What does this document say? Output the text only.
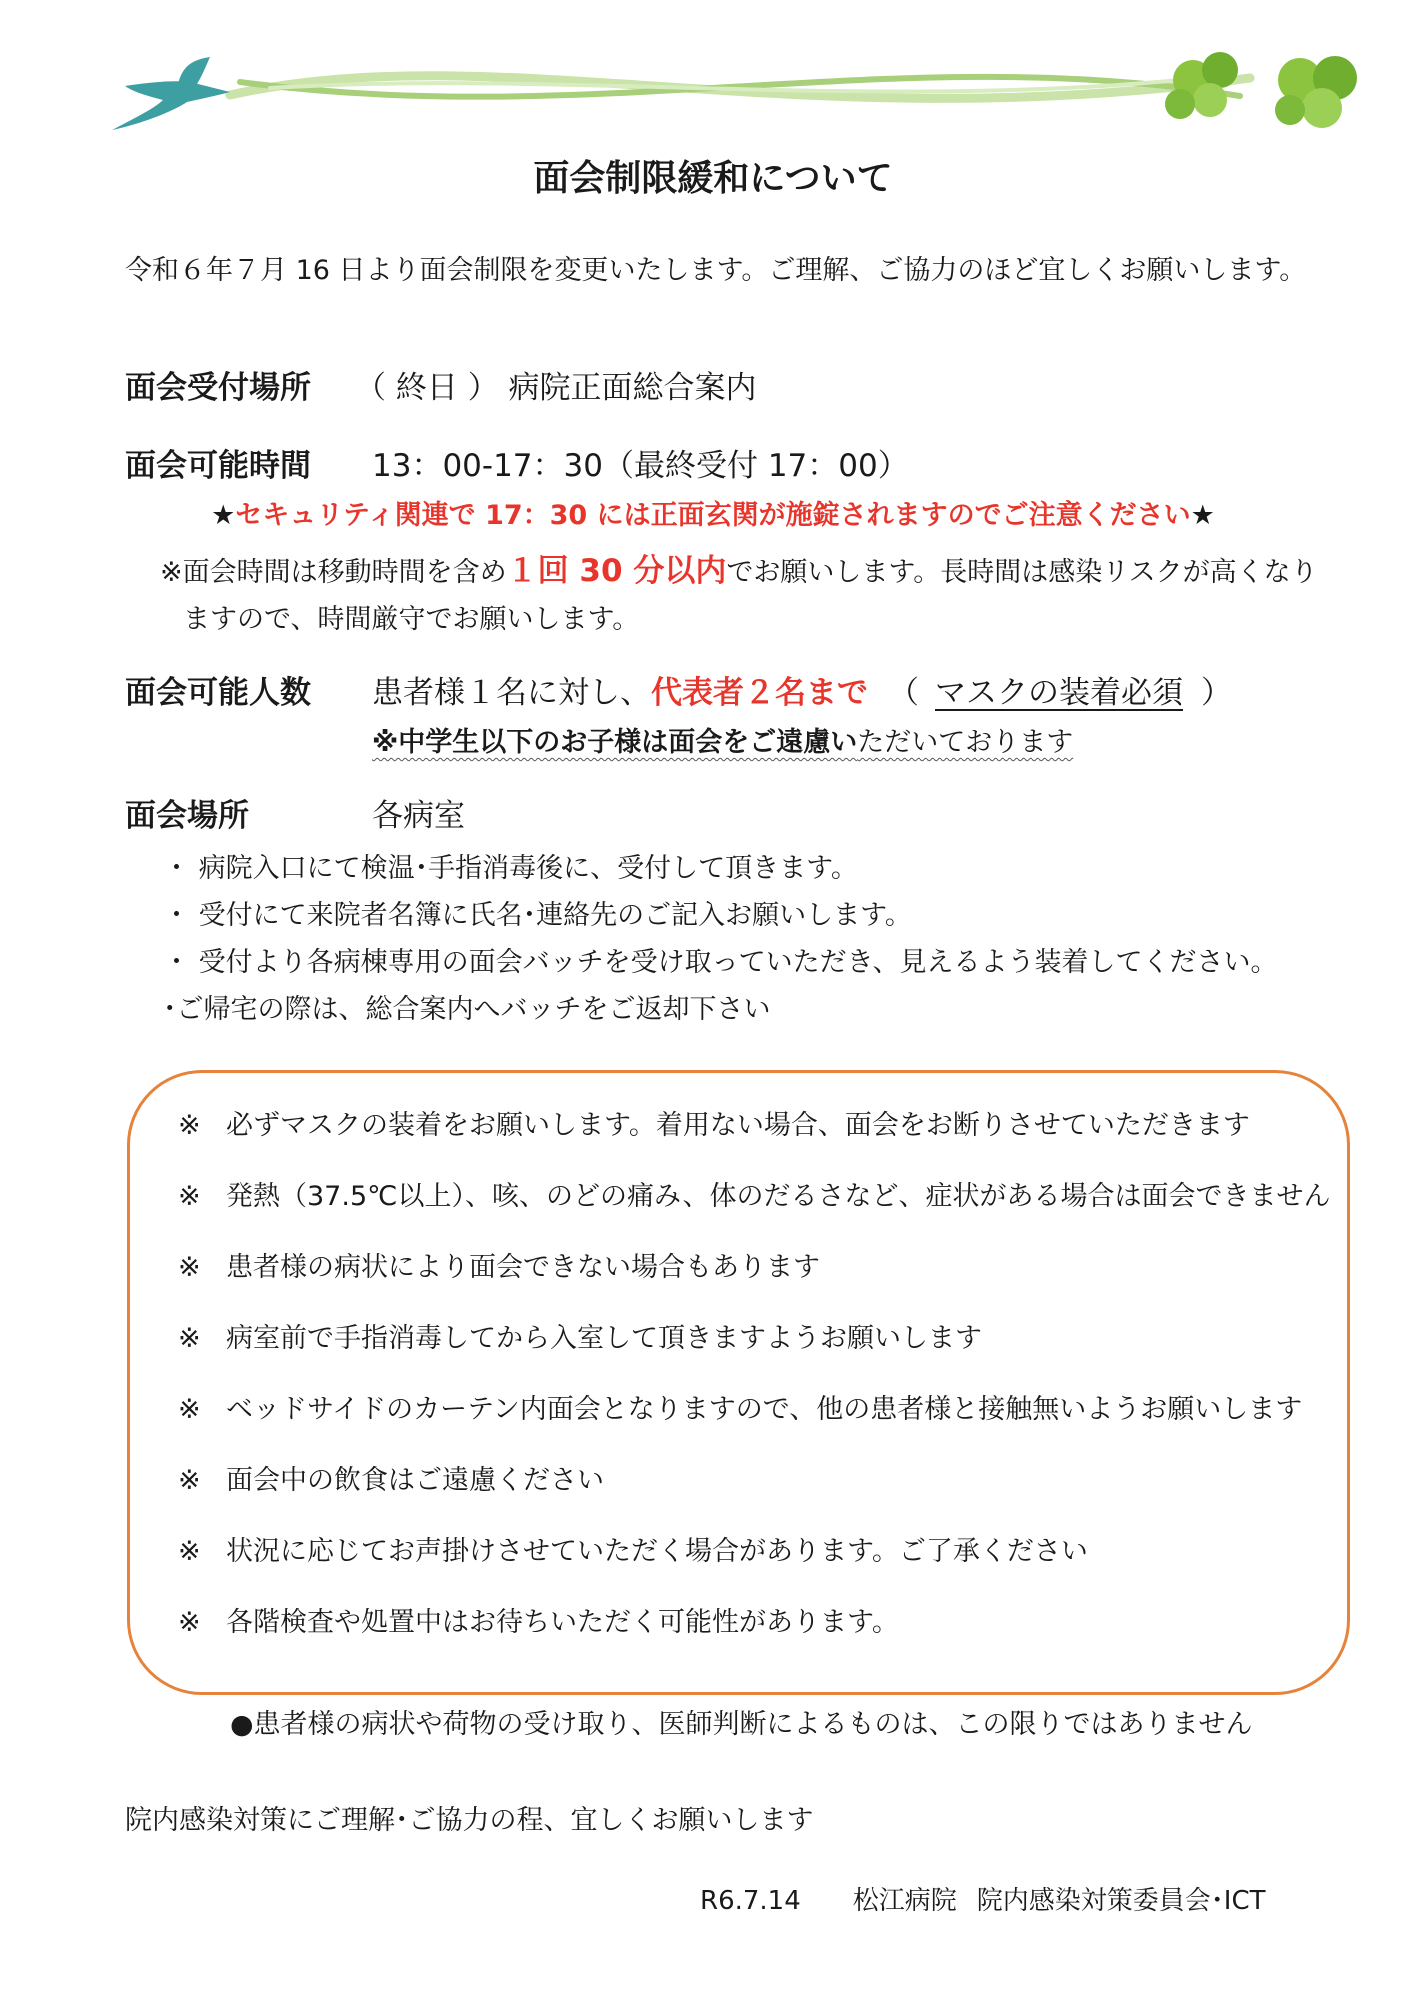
面会制限緩和について
令和６年７月 16 日より面会制限を変更いたします。ご理解、ご協力のほど宜しくお願いします。
面会受付場所 （ 終日 ） 病院正面総合案内
面会可能時間 13：00-17：30（最終受付 17：00）
★セキュリティ関連で 17：30 には正面玄関が施錠されますのでご注意ください★
※面会時間は移動時間を含め１回 30 分以内でお願いします。長時間は感染リスクが高くなり
ますので、時間厳守でお願いします。
面会可能人数 患者様１名に対し、代表者２名まで （ マスクの装着必須 ）
※中学生以下のお子様は面会をご遠慮いただいております
面会場所	各病室
・ 病院入口にて検温･手指消毒後に、受付して頂きます。
・ 受付にて来院者名簿に氏名･連絡先のご記入お願いします。
・ 受付より各病棟専用の面会バッチを受け取っていただき、見えるよう装着してください。
･ご帰宅の際は、総合案内へバッチをご返却下さい
※ 必ずマスクの装着をお願いします。着用ない場合、面会をお断りさせていただきます
※ 発熱（37.5℃以上）、咳、のどの痛み、体のだるさなど、症状がある場合は面会できません
※ 患者様の病状により面会できない場合もあります
※ 病室前で手指消毒してから入室して頂きますようお願いします
※ ベッドサイドのカーテン内面会となりますので、他の患者様と接触無いようお願いします
※ 面会中の飲食はご遠慮ください
※ 状況に応じてお声掛けさせていただく場合があります。ご了承ください
※ 各階検査や処置中はお待ちいただく可能性があります。
●患者様の病状や荷物の受け取り、医師判断によるものは、この限りではありません
院内感染対策にご理解･ご協力の程、宜しくお願いします
R6.7.14 松江病院 院内感染対策委員会･ICT
